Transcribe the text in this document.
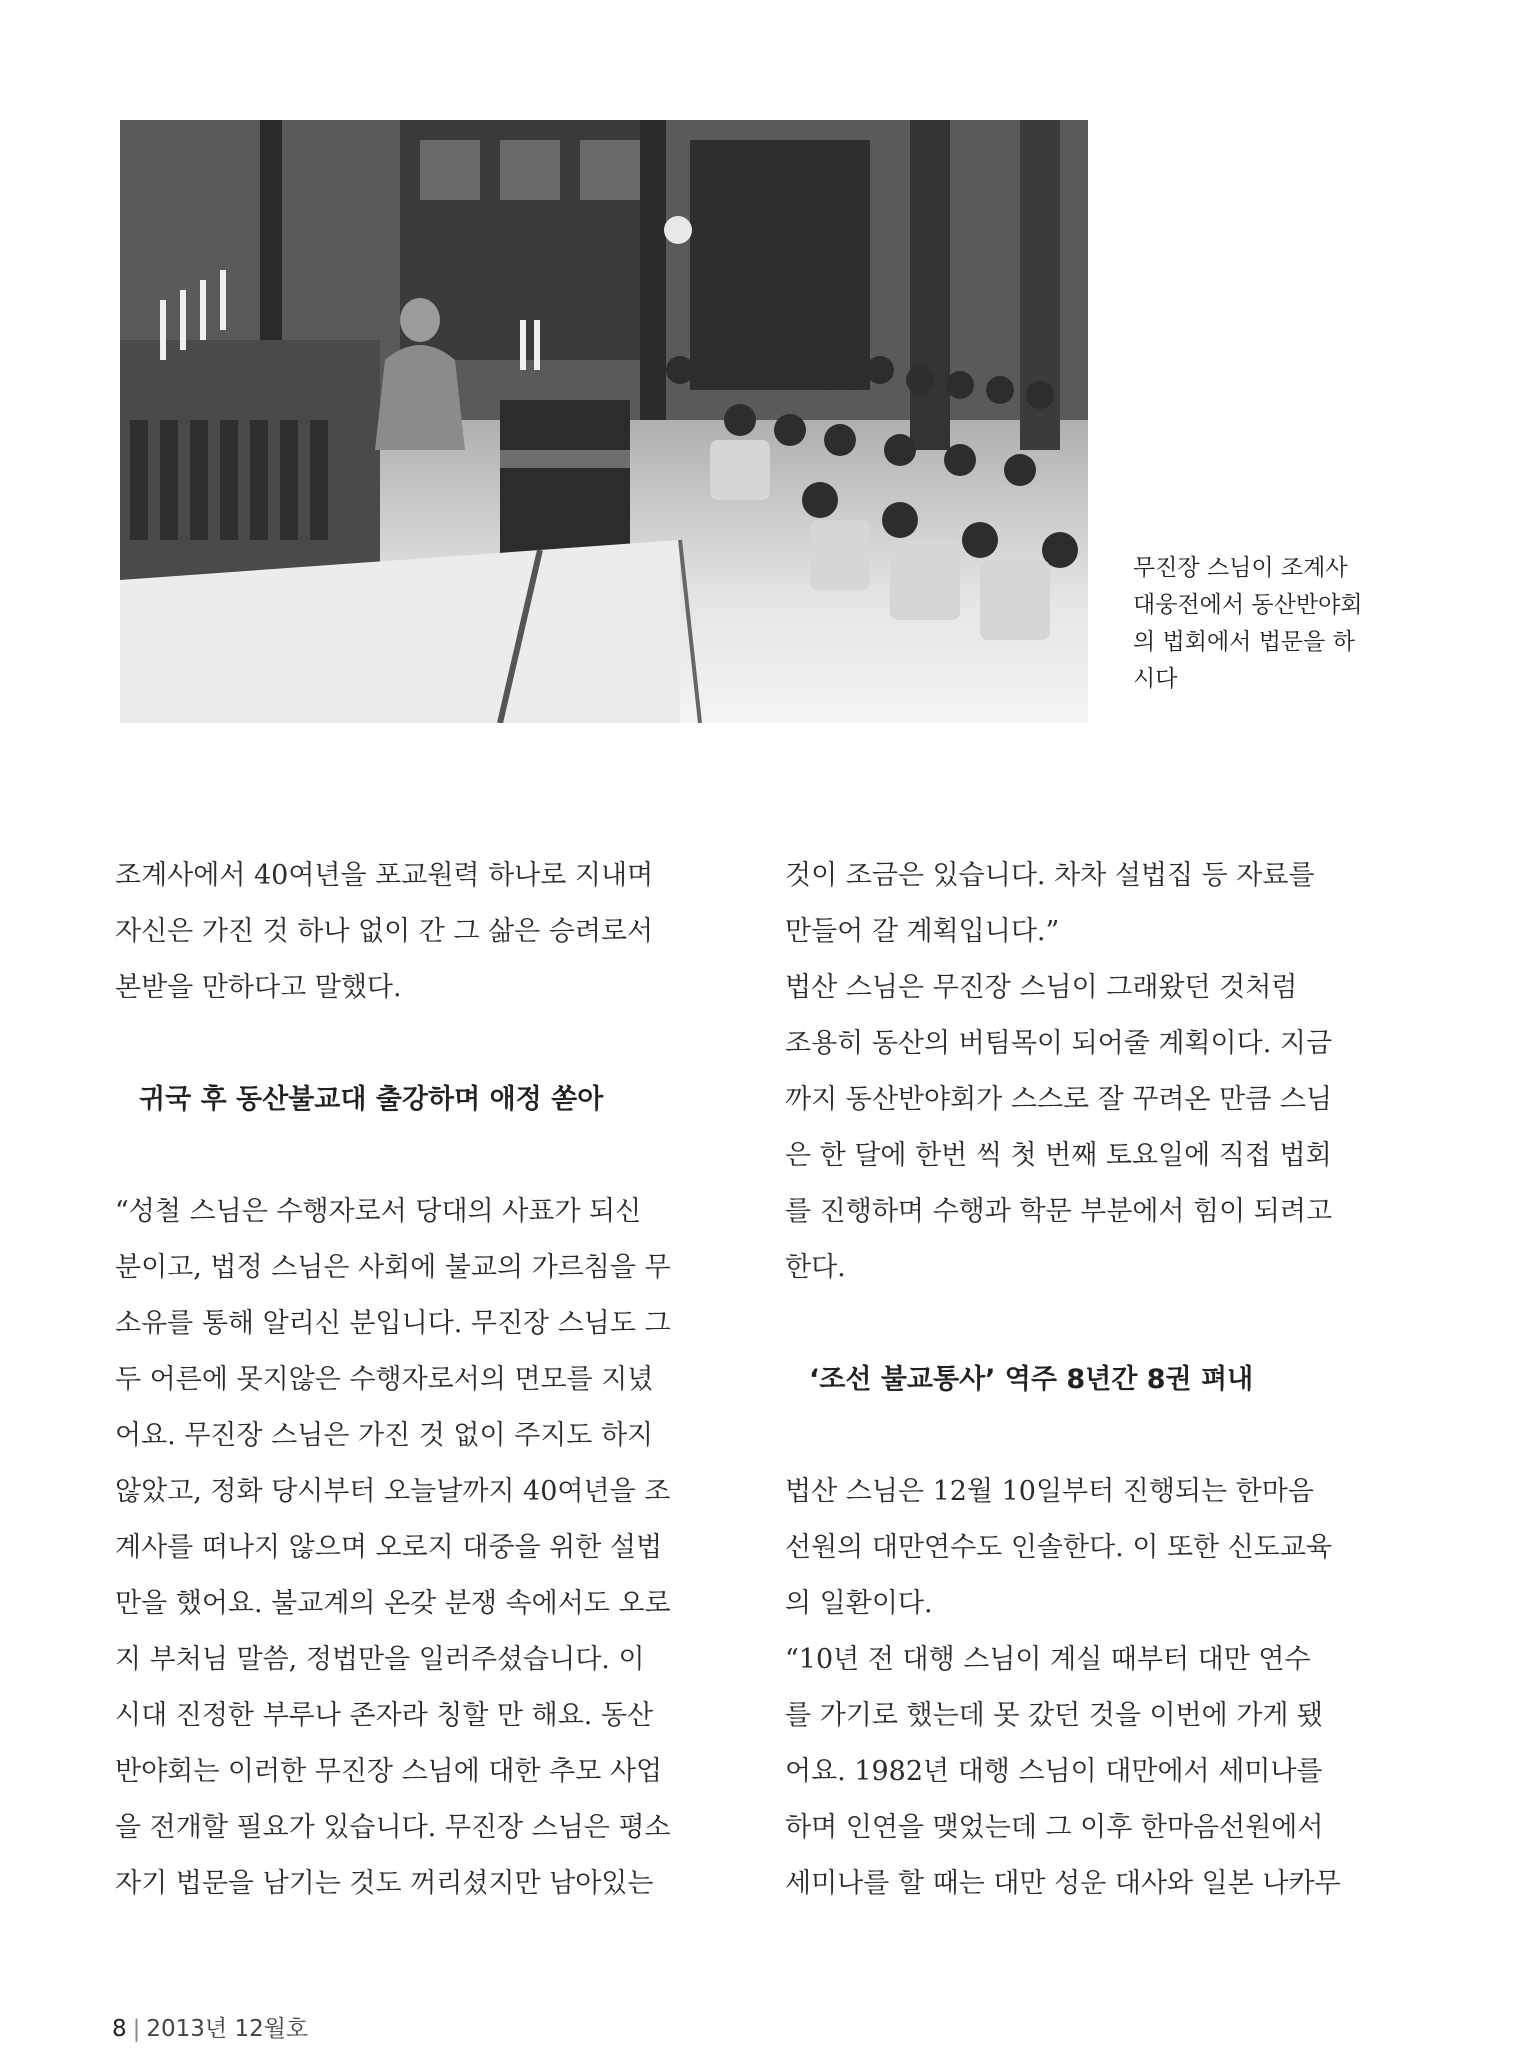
무진장 스님이 조계사
대웅전에서 동산반야회
의 법회에서 법문을 하
시다
조계사에서 40여년을 포교원력 하나로 지내며
자신은 가진 것 하나 없이 간 그 삶은 승려로서
본받을 만하다고 말했다.
귀국 후 동산불교대 출강하며 애정 쏟아
“성철 스님은 수행자로서 당대의 사표가 되신
분이고, 법정 스님은 사회에 불교의 가르침을 무
소유를 통해 알리신 분입니다. 무진장 스님도 그
두 어른에 못지않은 수행자로서의 면모를 지녔
어요. 무진장 스님은 가진 것 없이 주지도 하지
않았고, 정화 당시부터 오늘날까지 40여년을 조
계사를 떠나지 않으며 오로지 대중을 위한 설법
만을 했어요. 불교계의 온갖 분쟁 속에서도 오로
지 부처님 말씀, 정법만을 일러주셨습니다. 이
시대 진정한 부루나 존자라 칭할 만 해요. 동산
반야회는 이러한 무진장 스님에 대한 추모 사업
을 전개할 필요가 있습니다. 무진장 스님은 평소
자기 법문을 남기는 것도 꺼리셨지만 남아있는
것이 조금은 있습니다. 차차 설법집 등 자료를
만들어 갈 계획입니다.”
법산 스님은 무진장 스님이 그래왔던 것처럼
조용히 동산의 버팀목이 되어줄 계획이다. 지금
까지 동산반야회가 스스로 잘 꾸려온 만큼 스님
은 한 달에 한번 씩 첫 번째 토요일에 직접 법회
를 진행하며 수행과 학문 부분에서 힘이 되려고
한다.
‘조선 불교통사’ 역주 8년간 8권 펴내
법산 스님은 12월 10일부터 진행되는 한마음
선원의 대만연수도 인솔한다. 이 또한 신도교육
의 일환이다.
“10년 전 대행 스님이 계실 때부터 대만 연수
를 가기로 했는데 못 갔던 것을 이번에 가게 됐
어요. 1982년 대행 스님이 대만에서 세미나를
하며 인연을 맺었는데 그 이후 한마음선원에서
세미나를 할 때는 대만 성운 대사와 일본 나카무
8 | 2013년 12월호
